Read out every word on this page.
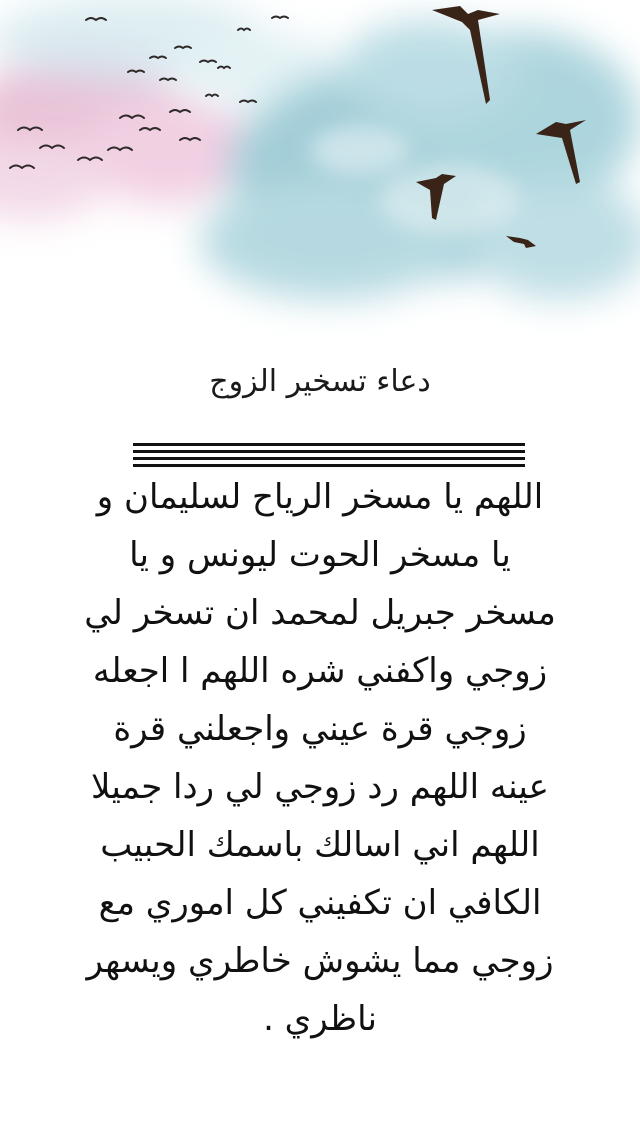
دعاء تسخير الزوج
اللهم يا مسخر الرياح لسليمان و
يا مسخر الحوت ليونس و يا
مسخر جبريل لمحمد ان تسخر لي
زوجي واكفني شره اللهم ا اجعله
زوجي قرة عيني واجعلني قرة
عينه اللهم رد زوجي لي ردا جميلا
اللهم اني اسالك باسمك الحبيب
الكافي ان تكفيني كل اموري مع
زوجي مما يشوش خاطري ويسهر
ناظري .
